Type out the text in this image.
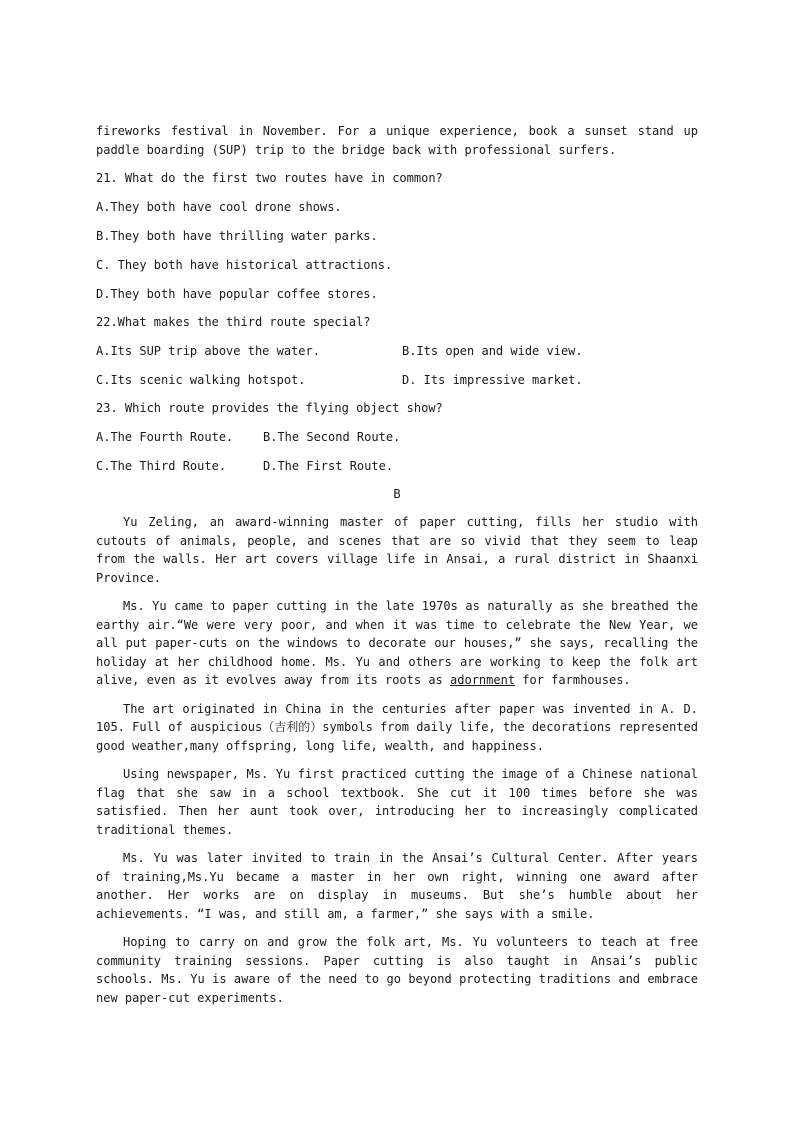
fireworks festival in November. For a unique experience, book a sunset stand up paddle boarding (SUP) trip to the bridge back with professional surfers.

21. What do the first two routes have in common?

A.They both have cool drone shows.

B.They both have thrilling water parks.

C. They both have historical attractions.

D.They both have popular coffee stores.

22.What makes the third route special?

A.Its SUP trip above the water.	B.Its open and wide view.
C.Its scenic walking hotspot.	D. Its impressive market.

23. Which route provides the flying object show?

A.The Fourth Route.	B.The Second Route.
C.The Third Route.	D.The First Route.

B

Yu Zeling, an award-winning master of paper cutting, fills her studio with cutouts of animals, people, and scenes that are so vivid that they seem to leap from the walls. Her art covers village life in Ansai, a rural district in Shaanxi Province.

Ms. Yu came to paper cutting in the late 1970s as naturally as she breathed the earthy air.“We were very poor, and when it was time to celebrate the New Year, we all put paper-cuts on the windows to decorate our houses,” she says, recalling the holiday at her childhood home. Ms. Yu and others are working to keep the folk art alive, even as it evolves away from its roots as adornment for farmhouses.

The art originated in China in the centuries after paper was invented in A. D. 105. Full of auspicious（吉利的）symbols from daily life, the decorations represented good weather,many offspring, long life, wealth, and happiness.

Using newspaper, Ms. Yu first practiced cutting the image of a Chinese national flag that she saw in a school textbook. She cut it 100 times before she was satisfied. Then her aunt took over, introducing her to increasingly complicated traditional themes.

Ms. Yu was later invited to train in the Ansai’s Cultural Center. After years of training,Ms.Yu became a master in her own right, winning one award after another. Her works are on display in museums. But she’s humble about her achievements. “I was, and still am, a farmer,” she says with a smile.

Hoping to carry on and grow the folk art, Ms. Yu volunteers to teach at free community training sessions. Paper cutting is also taught in Ansai’s public schools. Ms. Yu is aware of the need to go beyond protecting traditions and embrace new paper-cut experiments.
